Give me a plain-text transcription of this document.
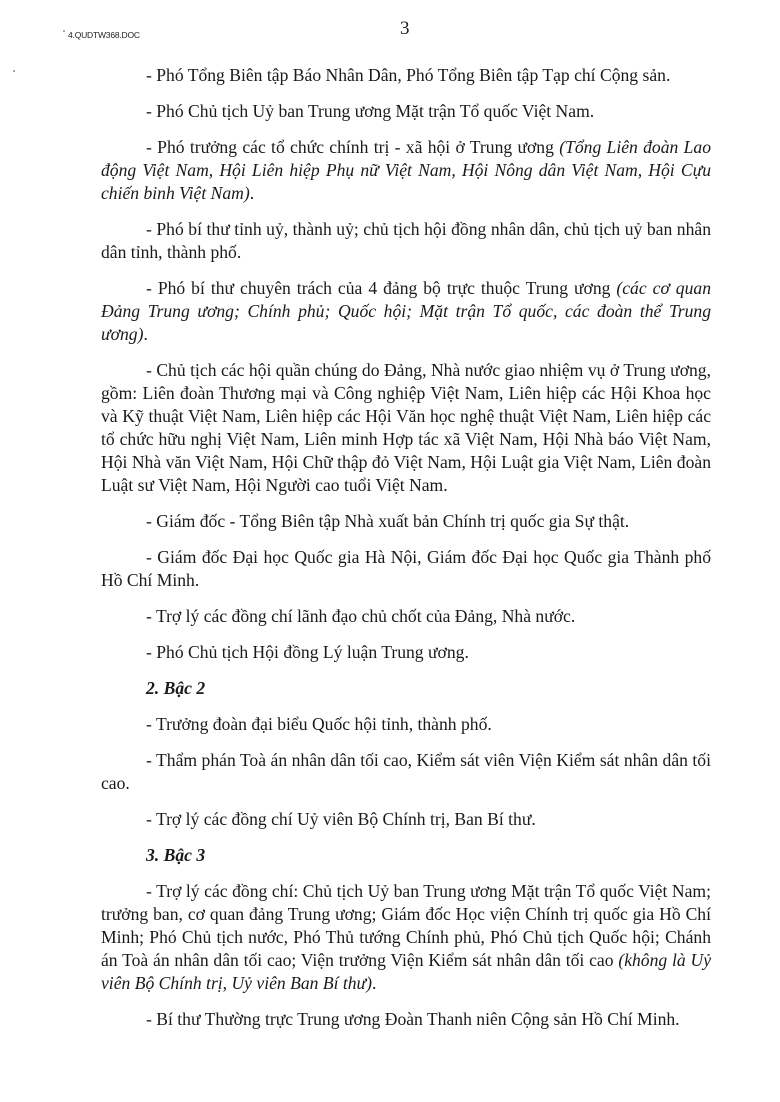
4.QUDTW368.DOC	3

- Phó Tổng Biên tập Báo Nhân Dân, Phó Tổng Biên tập Tạp chí Cộng sản.

- Phó Chủ tịch Uỷ ban Trung ương Mặt trận Tổ quốc Việt Nam.

- Phó trưởng các tổ chức chính trị - xã hội ở Trung ương (Tổng Liên đoàn Lao động Việt Nam, Hội Liên hiệp Phụ nữ Việt Nam, Hội Nông dân Việt Nam, Hội Cựu chiến binh Việt Nam).

- Phó bí thư tỉnh uỷ, thành uỷ; chủ tịch hội đồng nhân dân, chủ tịch uỷ ban nhân dân tỉnh, thành phố.

- Phó bí thư chuyên trách của 4 đảng bộ trực thuộc Trung ương (các cơ quan Đảng Trung ương; Chính phủ; Quốc hội; Mặt trận Tổ quốc, các đoàn thể Trung ương).

- Chủ tịch các hội quần chúng do Đảng, Nhà nước giao nhiệm vụ ở Trung ương, gồm: Liên đoàn Thương mại và Công nghiệp Việt Nam, Liên hiệp các Hội Khoa học và Kỹ thuật Việt Nam, Liên hiệp các Hội Văn học nghệ thuật Việt Nam, Liên hiệp các tổ chức hữu nghị Việt Nam, Liên minh Hợp tác xã Việt Nam, Hội Nhà báo Việt Nam, Hội Nhà văn Việt Nam, Hội Chữ thập đỏ Việt Nam, Hội Luật gia Việt Nam, Liên đoàn Luật sư Việt Nam, Hội Người cao tuổi Việt Nam.

- Giám đốc - Tổng Biên tập Nhà xuất bản Chính trị quốc gia Sự thật.

- Giám đốc Đại học Quốc gia Hà Nội, Giám đốc Đại học Quốc gia Thành phố Hồ Chí Minh.

- Trợ lý các đồng chí lãnh đạo chủ chốt của Đảng, Nhà nước.

- Phó Chủ tịch Hội đồng Lý luận Trung ương.

2. Bậc 2

- Trưởng đoàn đại biểu Quốc hội tỉnh, thành phố.

- Thẩm phán Toà án nhân dân tối cao, Kiểm sát viên Viện Kiểm sát nhân dân tối cao.

- Trợ lý các đồng chí Uỷ viên Bộ Chính trị, Ban Bí thư.

3. Bậc 3

- Trợ lý các đồng chí: Chủ tịch Uỷ ban Trung ương Mặt trận Tổ quốc Việt Nam; trưởng ban, cơ quan đảng Trung ương; Giám đốc Học viện Chính trị quốc gia Hồ Chí Minh; Phó Chủ tịch nước, Phó Thủ tướng Chính phủ, Phó Chủ tịch Quốc hội; Chánh án Toà án nhân dân tối cao; Viện trưởng Viện Kiểm sát nhân dân tối cao (không là Uỷ viên Bộ Chính trị, Uỷ viên Ban Bí thư).

- Bí thư Thường trực Trung ương Đoàn Thanh niên Cộng sản Hồ Chí Minh.
